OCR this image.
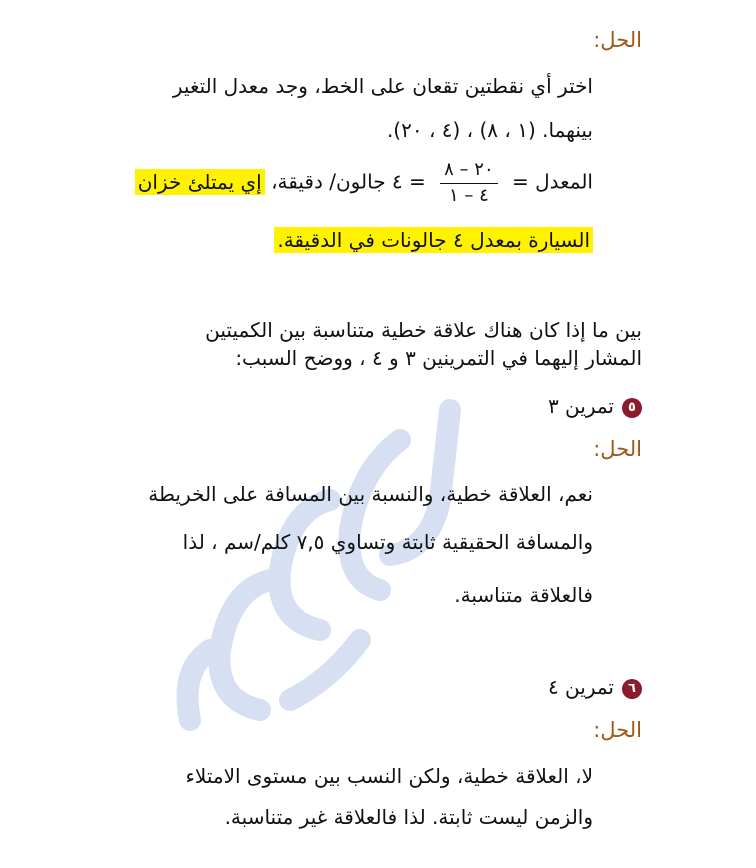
الحل:
اختر أي نقطتين تقعان على الخط، وجد معدل التغير
بينهما. (١ ، ٨) ، (٤ ، ٢٠).
المعدل =
$\frac{٢٠ - ٨}{٤ - ١}$
= ٤ جالون/ دقيقة، إي يمتلئ خزان
السيارة بمعدل ٤ جالونات في الدقيقة.
بين ما إذا كان هناك علاقة خطية متناسبة بين الكميتين
المشار إليهما في التمرينين ٣ و ٤ ، ووضح السبب:
٥تمرين ٣
الحل:
نعم، العلاقة خطية، والنسبة بين المسافة على الخريطة
والمسافة الحقيقية ثابتة وتساوي ٧,٥ كلم/سم ، لذا
فالعلاقة متناسبة.
٦تمرين ٤
الحل:
لا، العلاقة خطية، ولكن النسب بين مستوى الامتلاء
والزمن ليست ثابتة. لذا فالعلاقة غير متناسبة.
